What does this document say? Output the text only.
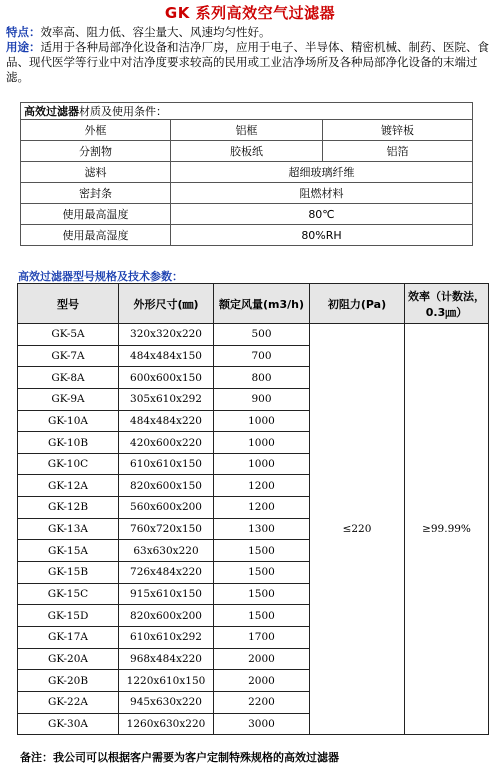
GK 系列高效空气过滤器

特点：效率高、阻力低、容尘量大、风速均匀性好。

用途：适用于各种局部净化设备和洁净厂房，应用于电子、半导体、精密机械、制药、医院、食品、现代医学等行业中对洁净度要求较高的民用或工业洁净场所及各种局部净化设备的末端过滤。

高效过滤器材质及使用条件：		
外框	铝框	镀锌板
分割物	胶板纸	铝箔
滤料	超细玻璃纤维	
密封条	阻燃材料	
使用最高温度	80℃	
使用最高湿度	80%RH	
高效过滤器型号规格及技术参数：
型号	外形尺寸(㎜)	额定风量(m3/h)	初阻力(Pa)	效率（计数法，0.3㎛）
GK-5A	320x320x220	500	≤220	≥99.99%
GK-7A	484x484x150	700		
GK-8A	600x600x150	800		
GK-9A	305x610x292	900		
GK-10A	484x484x220	1000		
GK-10B	420x600x220	1000		
GK-10C	610x610x150	1000		
GK-12A	820x600x150	1200		
GK-12B	560x600x200	1200		
GK-13A	760x720x150	1300		
GK-15A	63x630x220	1500		
GK-15B	726x484x220	1500		
GK-15C	915x610x150	1500		
GK-15D	820x600x200	1500		
GK-17A	610x610x292	1700		
GK-20A	968x484x220	2000		
GK-20B	1220x610x150	2000		
GK-22A	945x630x220	2200		
GK-30A	1260x630x220	3000		
备注：我公司可以根据客户需要为客户定制特殊规格的高效过滤器
